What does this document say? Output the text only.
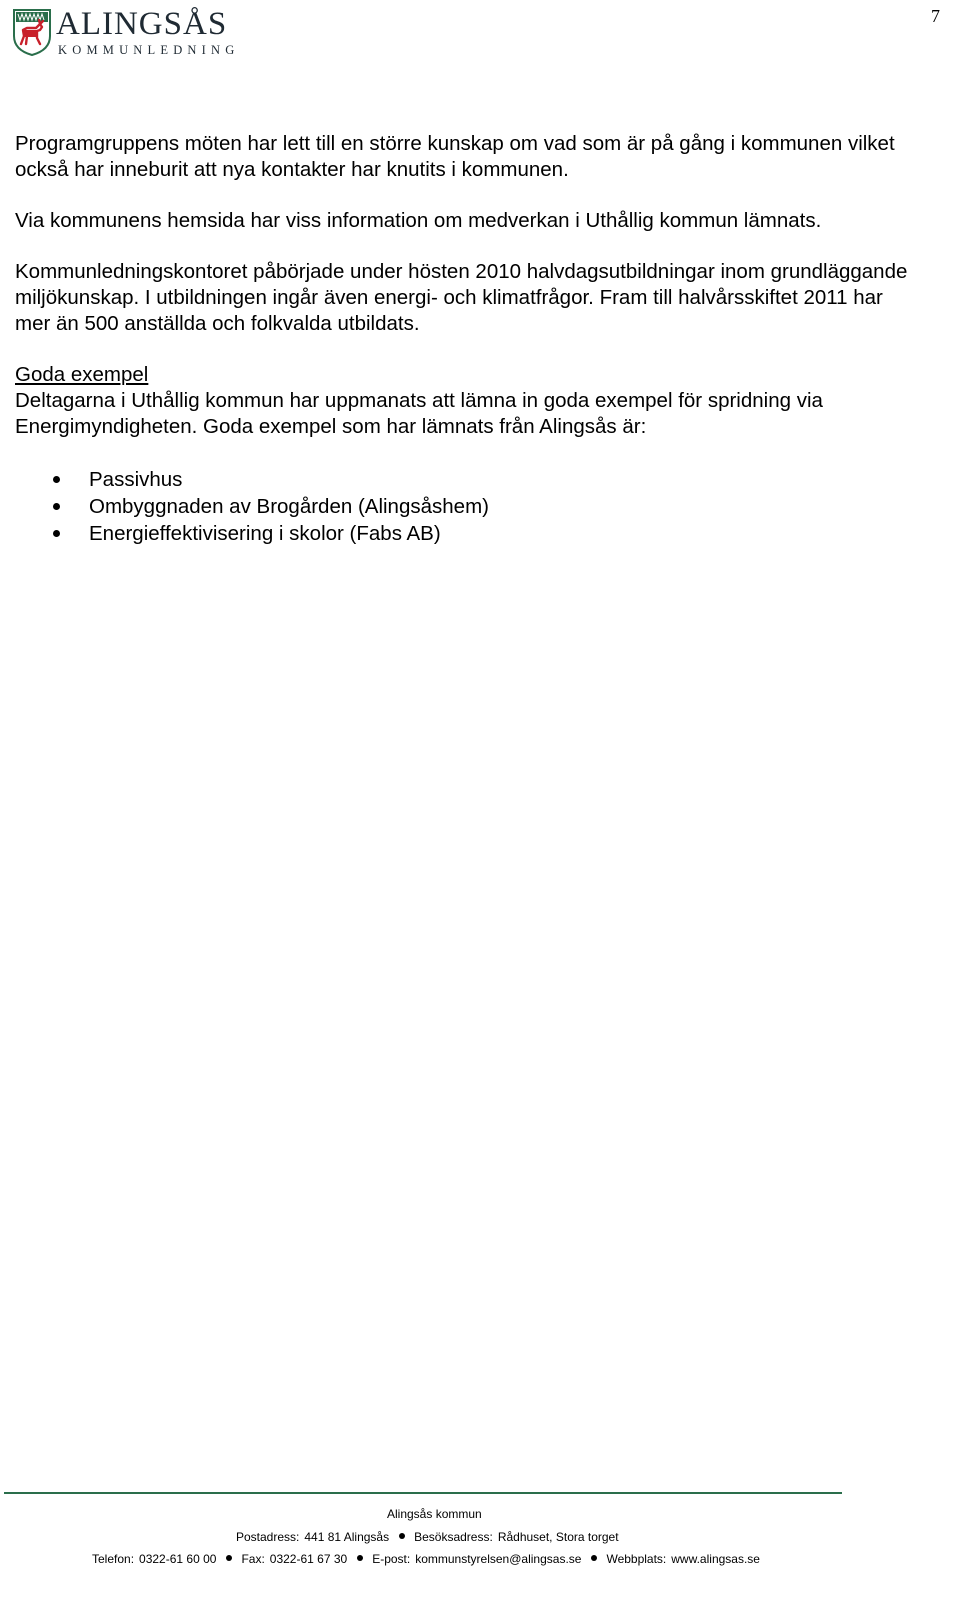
ALINGSÅS
KOMMUNLEDNING
7

Programgruppens möten har lett till en större kunskap om vad som är på gång i kommunen vilket också har inneburit att nya kontakter har knutits i kommunen.

Via kommunens hemsida har viss information om medverkan i Uthållig kommun lämnats.

Kommunledningskontoret påbörjade under hösten 2010 halvdagsutbildningar inom grundläggande miljökunskap. I utbildningen ingår även energi- och klimatfrågor. Fram till halvårsskiftet 2011 har mer än 500 anställda och folkvalda utbildats.

Goda exempel
Deltagarna i Uthållig kommun har uppmanats att lämna in goda exempel för spridning via Energimyndigheten. Goda exempel som har lämnats från Alingsås är:
Passivhus
Ombyggnaden av Brogården (Alingsåshem)
Energieffektivisering i skolor (Fabs AB)
Alingsås kommun
Postadress: 441 81 Alingsås Besöksadress: Rådhuset, Stora torget
Telefon: 0322-61 60 00 Fax: 0322-61 67 30 E-post: kommunstyrelsen@alingsas.se Webbplats: www.alingsas.se
